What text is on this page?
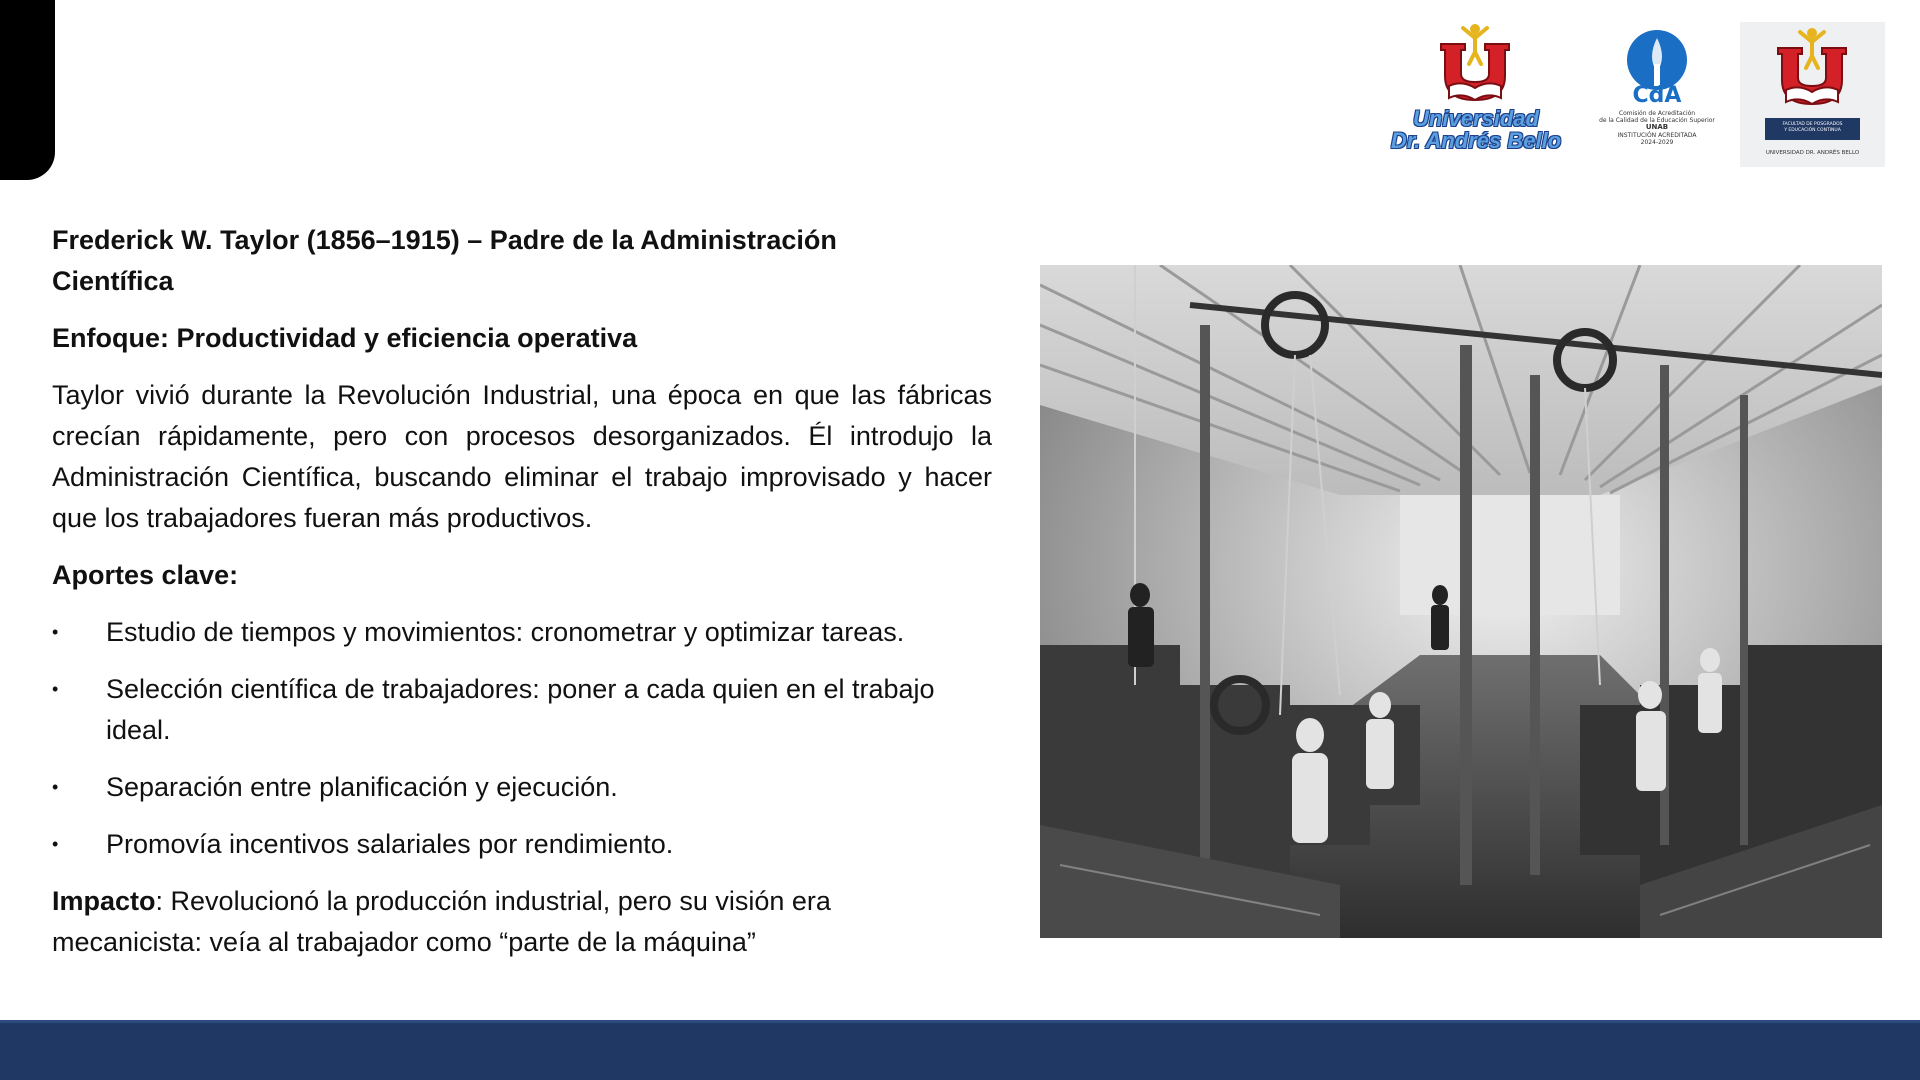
Universidad
Dr. Andrés Bello
CdA
Comisión de Acreditación
de la Calidad de la Educación Superior
UNAB
INSTITUCIÓN ACREDITADA
2024-2029
FACULTAD DE POSGRADOS
Y EDUCACIÓN CONTINUA
UNIVERSIDAD DR. ANDRÉS BELLO

Frederick W. Taylor (1856–1915) – Padre de la Administración Científica

Enfoque: Productividad y eficiencia operativa

Taylor vivió durante la Revolución Industrial, una época en que las fábricas crecían rápidamente, pero con procesos desorganizados. Él introdujo la Administración Científica, buscando eliminar el trabajo improvisado y hacer que los trabajadores fueran más productivos.

Aportes clave:

• Estudio de tiempos y movimientos: cronometrar y optimizar tareas.
• Selección científica de trabajadores: poner a cada quien en el trabajo ideal.
• Separación entre planificación y ejecución.
• Promovía incentivos salariales por rendimiento.

Impacto: Revolucionó la producción industrial, pero su visión era mecanicista: veía al trabajador como “parte de la máquina”
